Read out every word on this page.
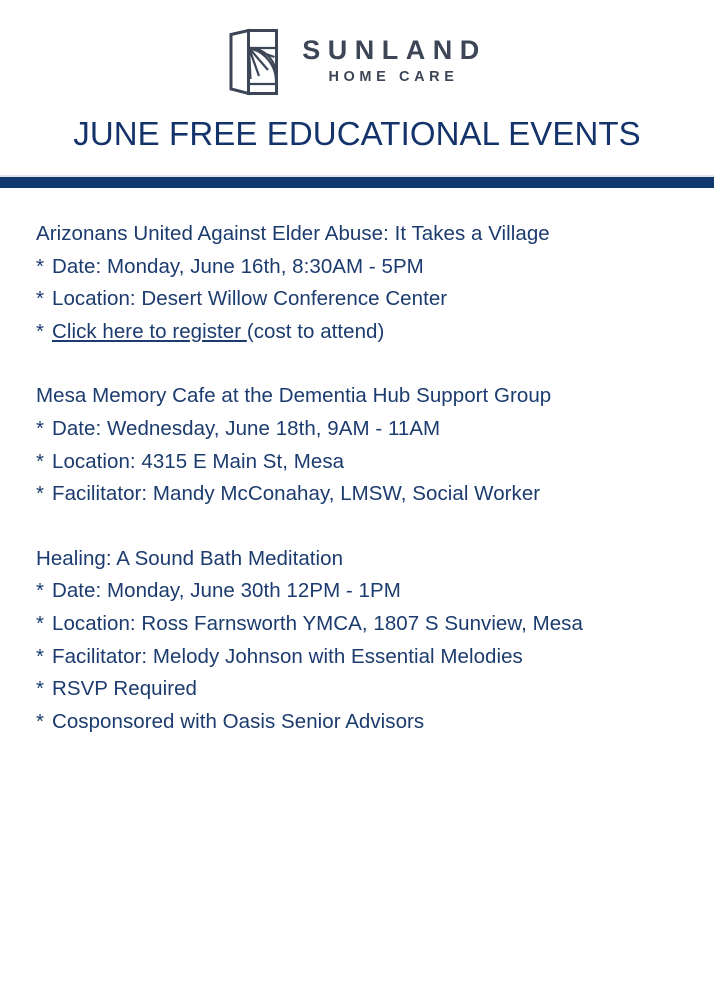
SUNLAND
HOME CARE
JUNE FREE EDUCATIONAL EVENTS
Arizonans United Against Elder Abuse: It Takes a Village
* Date: Monday, June 16th, 8:30AM - 5PM
* Location: Desert Willow Conference Center
* Click here to register (cost to attend)
Mesa Memory Cafe at the Dementia Hub Support Group
* Date: Wednesday, June 18th, 9AM - 11AM
* Location: 4315 E Main St, Mesa
* Facilitator: Mandy McConahay, LMSW, Social Worker
Healing: A Sound Bath Meditation
* Date: Monday, June 30th 12PM - 1PM
* Location: Ross Farnsworth YMCA, 1807 S Sunview, Mesa
* Facilitator: Melody Johnson with Essential Melodies
* RSVP Required
* Cosponsored with Oasis Senior Advisors
